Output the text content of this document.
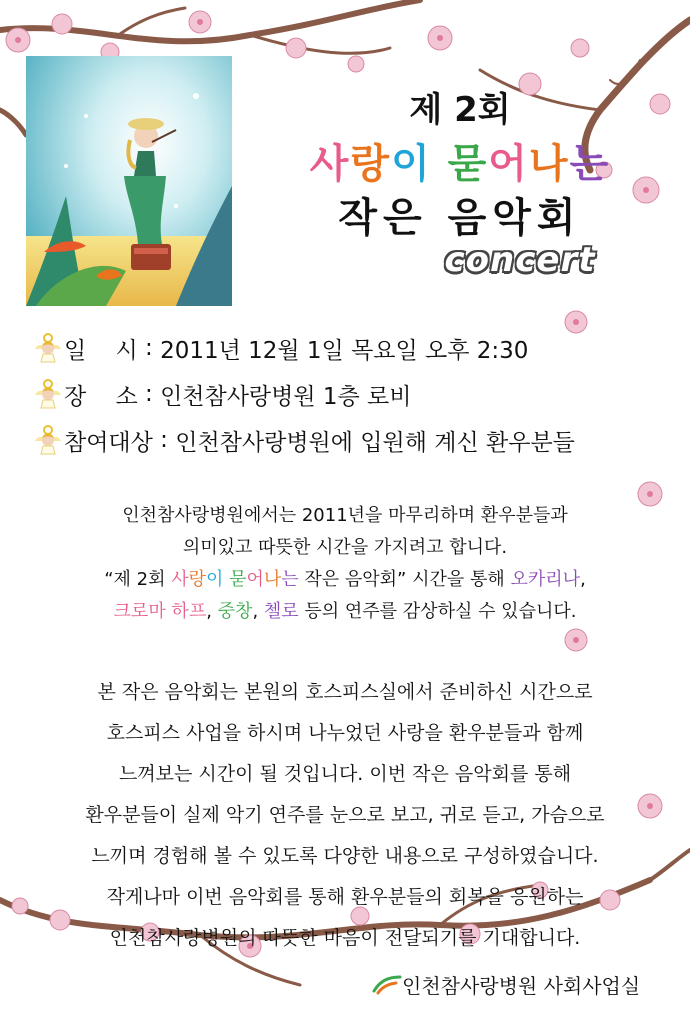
제 2회
사랑이 묻어나는
작은 음악회
concert
일    시 : 2011년 12월 1일 목요일 오후 2:30
장    소 : 인천참사랑병원 1층 로비
참여대상 : 인천참사랑병원에 입원해 계신 환우분들
인천참사랑병원에서는 2011년을 마무리하며 환우분들과
의미있고 따뜻한 시간을 가지려고 합니다.
“제 2회 사랑이 묻어나는 작은 음악회” 시간을 통해 오카리나,
크로마 하프, 중창, 첼로 등의 연주를 감상하실 수 있습니다.
본 작은 음악회는 본원의 호스피스실에서 준비하신 시간으로
호스피스 사업을 하시며 나누었던 사랑을 환우분들과 함께
느껴보는 시간이 될 것입니다. 이번 작은 음악회를 통해
환우분들이 실제 악기 연주를 눈으로 보고, 귀로 듣고, 가슴으로
느끼며 경험해 볼 수 있도록 다양한 내용으로 구성하였습니다.
작게나마 이번 음악회를 통해 환우분들의 회복을 응원하는
인천참사랑병원의 따뜻한 마음이 전달되기를 기대합니다.
인천참사랑병원 사회사업실
